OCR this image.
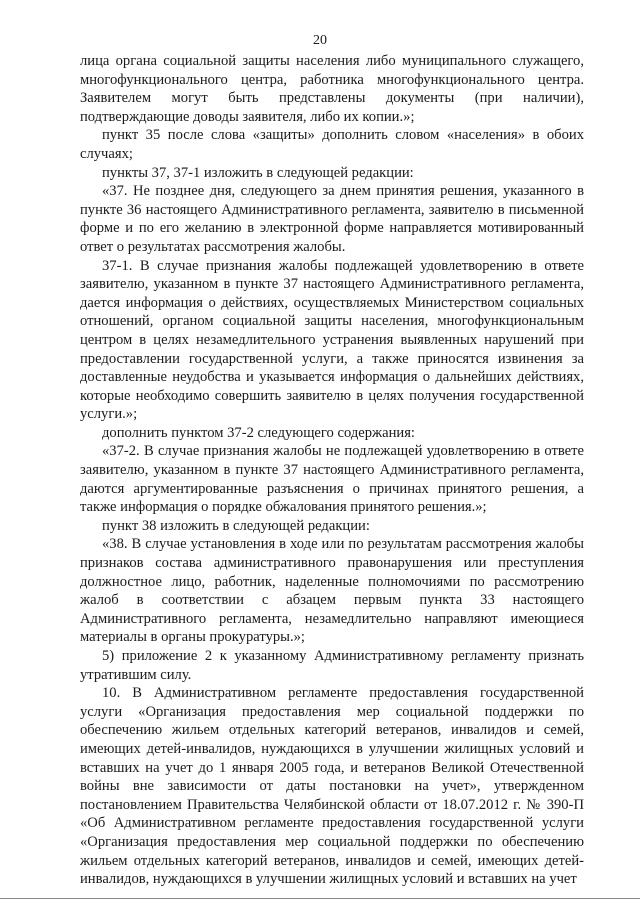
20

лица органа социальной защиты населения либо муниципального служащего, многофункционального центра, работника многофункционального центра. Заявителем могут быть представлены документы (при наличии), подтверждающие доводы заявителя, либо их копии.»;

пункт 35 после слова «защиты» дополнить словом «населения» в обоих случаях;

пункты 37, 37-1 изложить в следующей редакции:

«37. Не позднее дня, следующего за днем принятия решения, указанного в пункте 36 настоящего Административного регламента, заявителю в письменной форме и по его желанию в электронной форме направляется мотивированный ответ о результатах рассмотрения жалобы.

37-1. В случае признания жалобы подлежащей удовлетворению в ответе заявителю, указанном в пункте 37 настоящего Административного регламента, дается информация о действиях, осуществляемых Министерством социальных отношений, органом социальной защиты населения, многофункциональным центром в целях незамедлительного устранения выявленных нарушений при предоставлении государственной услуги, а также приносятся извинения за доставленные неудобства и указывается информация о дальнейших действиях, которые необходимо совершить заявителю в целях получения государственной услуги.»;

дополнить пунктом 37-2 следующего содержания:

«37-2. В случае признания жалобы не подлежащей удовлетворению в ответе заявителю, указанном в пункте 37 настоящего Административного регламента, даются аргументированные разъяснения о причинах принятого решения, а также информация о порядке обжалования принятого решения.»;

пункт 38 изложить в следующей редакции:

«38. В случае установления в ходе или по результатам рассмотрения жалобы признаков состава административного правонарушения или преступления должностное лицо, работник, наделенные полномочиями по рассмотрению жалоб в соответствии с абзацем первым пункта 33 настоящего Административного регламента, незамедлительно направляют имеющиеся материалы в органы прокуратуры.»;

5) приложение 2 к указанному Административному регламенту признать утратившим силу.

10. В Административном регламенте предоставления государственной услуги «Организация предоставления мер социальной поддержки по обеспечению жильем отдельных категорий ветеранов, инвалидов и семей, имеющих детей-инвалидов, нуждающихся в улучшении жилищных условий и вставших на учет до 1 января 2005 года, и ветеранов Великой Отечественной войны вне зависимости от даты постановки на учет», утвержденном постановлением Правительства Челябинской области от 18.07.2012 г. № 390-П «Об Административном регламенте предоставления государственной услуги «Организация предоставления мер социальной поддержки по обеспечению жильем отдельных категорий ветеранов, инвалидов и семей, имеющих детей-инвалидов, нуждающихся в улучшении жилищных условий и вставших на учет
